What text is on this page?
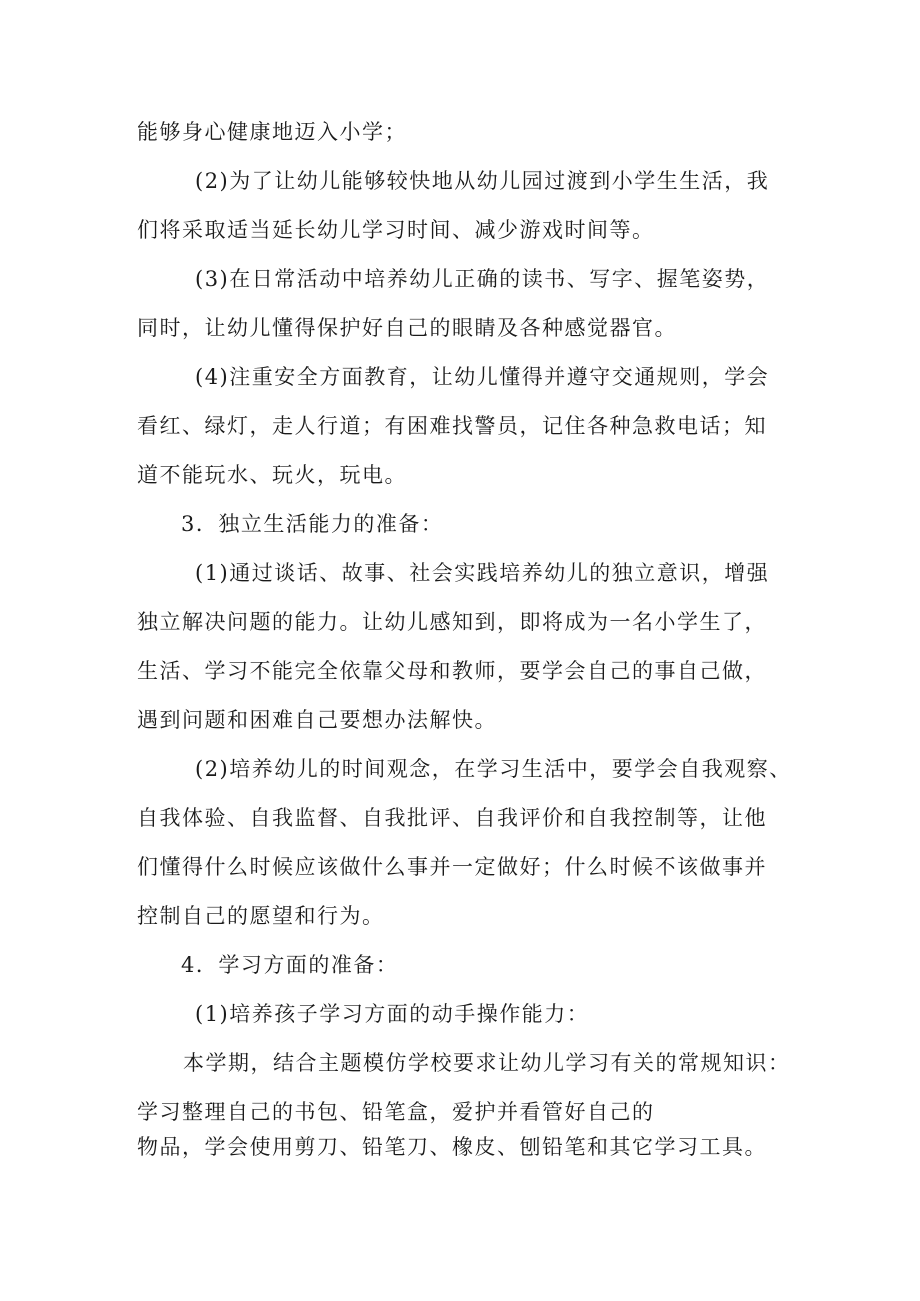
能够身心健康地迈入小学；
(2)为了让幼儿能够较快地从幼儿园过渡到小学生生活，我
们将采取适当延长幼儿学习时间、减少游戏时间等。
(3)在日常活动中培养幼儿正确的读书、写字、握笔姿势，
同时，让幼儿懂得保护好自己的眼睛及各种感觉器官。
(4)注重安全方面教育，让幼儿懂得并遵守交通规则，学会
看红、绿灯，走人行道；有困难找警员，记住各种急救电话；知
道不能玩水、玩火，玩电。
3．独立生活能力的准备：
(1)通过谈话、故事、社会实践培养幼儿的独立意识，增强
独立解决问题的能力。让幼儿感知到，即将成为一名小学生了，
生活、学习不能完全依靠父母和教师，要学会自己的事自己做，
遇到问题和困难自己要想办法解快。
(2)培养幼儿的时间观念，在学习生活中，要学会自我观察、
自我体验、自我监督、自我批评、自我评价和自我控制等，让他
们懂得什么时候应该做什么事并一定做好；什么时候不该做事并
控制自己的愿望和行为。
4．学习方面的准备：
(1)培养孩子学习方面的动手操作能力：
本学期，结合主题模仿学校要求让幼儿学习有关的常规知识：
学习整理自己的书包、铅笔盒，爱护并看管好自己的
物品，学会使用剪刀、铅笔刀、橡皮、刨铅笔和其它学习工具。
